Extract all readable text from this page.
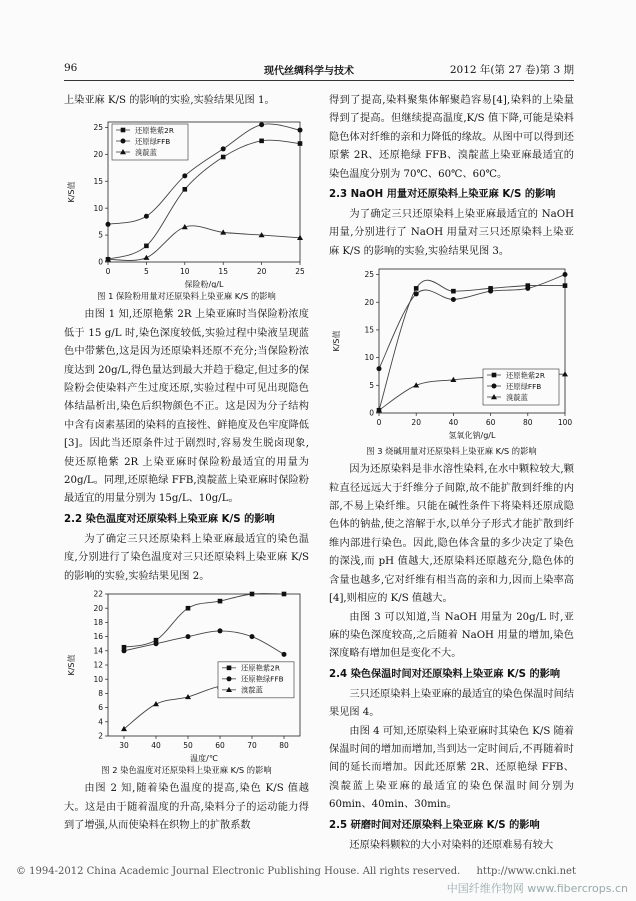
96	现代丝绸科学与技术	2012 年(第 27 卷)第 3 期

上染亚麻 K/S 的影响的实验,实验结果见图 1。

0	5	10	15	20	25
0
5
10
15
20
25
保险粉/g/L
K/S值
还原艳紫2R
还原绿FFB
溴靛蓝
图 1 保险粉用量对还原染料上染亚麻 K/S 的影响

由图 1 知,还原艳紫 2R 上染亚麻时当保险粉浓度低于 15 g/L 时,染色深度较低,实验过程中染液呈现蓝色中带紫色,这是因为还原染料还原不充分;当保险粉浓度达到 20g/L,得色量达到最大并趋于稳定,但过多的保险粉会使染料产生过度还原,实验过程中可见出现隐色体结晶析出,染色后织物颜色不正。这是因为分子结构中含有卤素基团的染料的直接性、鲜艳度及色牢度降低[3]。因此当还原条件过于剧烈时,容易发生脱卤现象,使还原艳紫 2R 上染亚麻时保险粉最适宜的用量为 20g/L。同理,还原艳绿 FFB,溴靛蓝上染亚麻时保险粉最适宜的用量分别为 15g/L、10g/L。

2.2 染色温度对还原染料上染亚麻 K/S 的影响

为了确定三只还原染料上染亚麻最适宜的染色温度,分别进行了染色温度对三只还原染料上染亚麻 K/S 的影响的实验,实验结果见图 2。

30	40	50	60	70	80
2
4
6
8
10
12
14
16
18
20
22
温度/℃
K/S值	还原艳紫2R
还原艳绿FFB
溴靛蓝
图 2 染色温度对还原染料上染亚麻 K/S 的影响

由图 2 知,随着染色温度的提高,染色 K/S 值越大。这是由于随着温度的升高,染料分子的运动能力得到了增强,从而使染料在织物上的扩散系数

得到了提高,染料聚集体解聚趋容易[4],染料的上染量得到了提高。但继续提高温度,K/S 值下降,可能是染料隐色体对纤维的亲和力降低的缘故。从图中可以得到还原紫 2R、还原艳绿 FFB、溴靛蓝上染亚麻最适宜的染色温度分别为 70℃、60℃、60℃。

2.3 NaOH 用量对还原染料上染亚麻 K/S 的影响

为了确定三只还原染料上染亚麻最适宜的 NaOH 用量,分别进行了 NaOH 用量对三只还原染料上染亚麻 K/S 的影响的实验,实验结果见图 3。

0	20	40	60	80	100
0
5
10
15
20
25
氢氧化钠/g/L
K/S值
还原艳紫2R
还原绿FFB
溴靛蓝
图 3 烧碱用量对还原染料上染亚麻 K/S 的影响

因为还原染料是非水溶性染料,在水中颗粒较大,颗粒直径远远大于纤维分子间隙,故不能扩散到纤维的内部,不易上染纤维。只能在碱性条件下将染料还原成隐色体的钠盐,使之溶解于水,以单分子形式才能扩散到纤维内部进行染色。因此,隐色体含量的多少决定了染色的深浅,而 pH 值越大,还原染料还原越充分,隐色体的含量也越多,它对纤维有相当高的亲和力,因而上染率高[4],则相应的 K/S 值越大。

由图 3 可以知道,当 NaOH 用量为 20g/L 时,亚麻的染色深度较高,之后随着 NaOH 用量的增加,染色深度略有增加但是变化不大。

2.4 染色保温时间对还原染料上染亚麻 K/S 的影响

三只还原染料上染亚麻的最适宜的染色保温时间结果见图 4。

由图 4 可知,还原染料上染亚麻时其染色 K/S 随着保温时间的增加而增加,当到达一定时间后,不再随着时间的延长而增加。因此还原紫 2R、还原艳绿 FFB、溴靛蓝上染亚麻的最适宜的染色保温时间分别为 60min、40min、30min。

2.5 研磨时间对还原染料上染亚麻 K/S 的影响

还原染料颗粒的大小对染料的还原难易有较大

© 1994-2012 China Academic Journal Electronic Publishing House. All rights reserved. http://www.cnki.net
中国纤维作物网 www.fibercrops.cn
